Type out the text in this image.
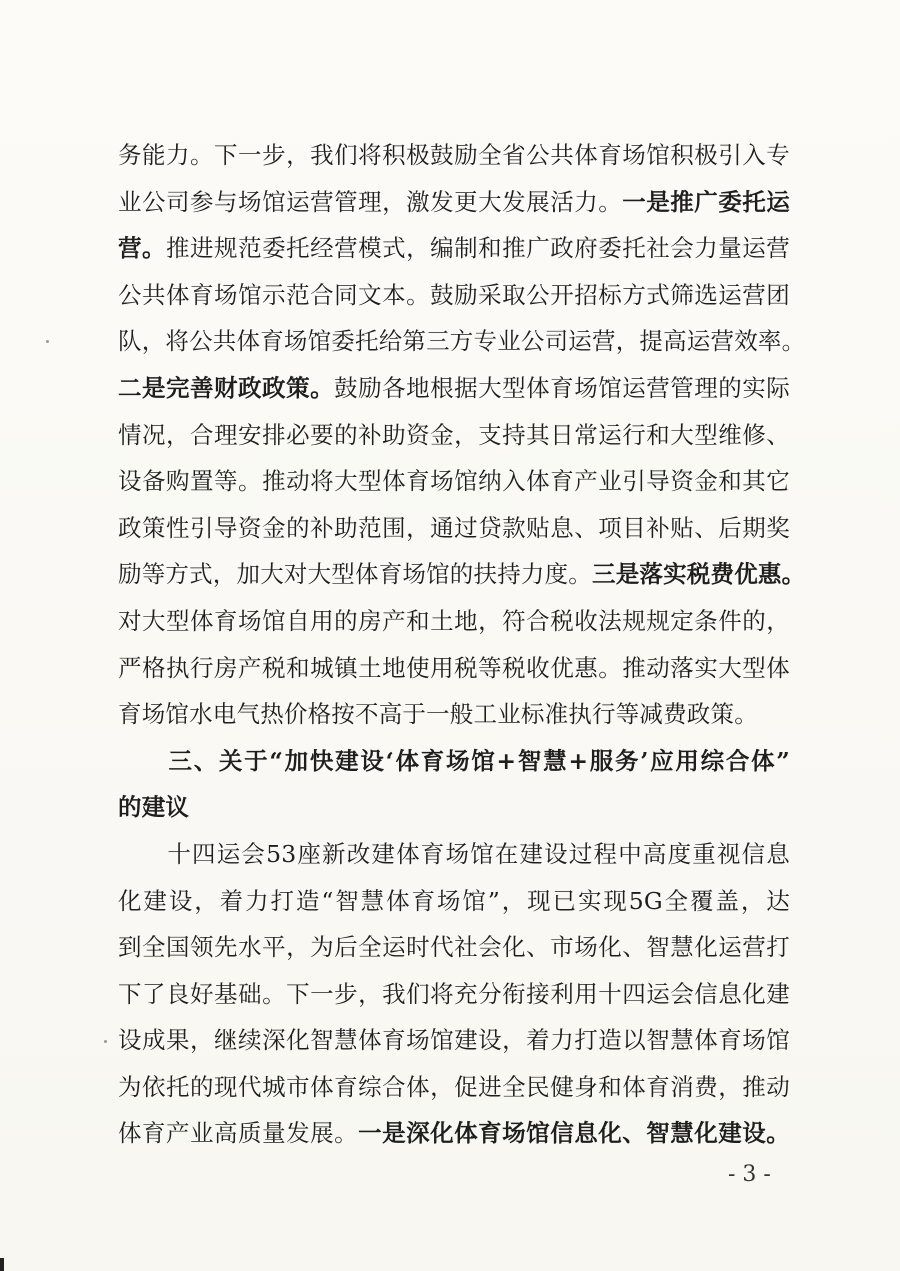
务能力。下一步，我们将积极鼓励全省公共体育场馆积极引入专
业公司参与场馆运营管理，激发更大发展活力。一是推广委托运
营。推进规范委托经营模式，编制和推广政府委托社会力量运营
公共体育场馆示范合同文本。鼓励采取公开招标方式筛选运营团
队，将公共体育场馆委托给第三方专业公司运营，提高运营效率。
二是完善财政政策。鼓励各地根据大型体育场馆运营管理的实际
情况，合理安排必要的补助资金，支持其日常运行和大型维修、
设备购置等。推动将大型体育场馆纳入体育产业引导资金和其它
政策性引导资金的补助范围，通过贷款贴息、项目补贴、后期奖
励等方式，加大对大型体育场馆的扶持力度。三是落实税费优惠。
对大型体育场馆自用的房产和土地，符合税收法规规定条件的，
严格执行房产税和城镇土地使用税等税收优惠。推动落实大型体
育场馆水电气热价格按不高于一般工业标准执行等减费政策。
　　三、关于“加快建设‘体育场馆+智慧+服务’应用综合体”
的建议
　　十四运会53座新改建体育场馆在建设过程中高度重视信息
化建设，着力打造“智慧体育场馆”，现已实现5G全覆盖，达
到全国领先水平，为后全运时代社会化、市场化、智慧化运营打
下了良好基础。下一步，我们将充分衔接利用十四运会信息化建
设成果，继续深化智慧体育场馆建设，着力打造以智慧体育场馆
为依托的现代城市体育综合体，促进全民健身和体育消费，推动
体育产业高质量发展。一是深化体育场馆信息化、智慧化建设。
- 3 -
